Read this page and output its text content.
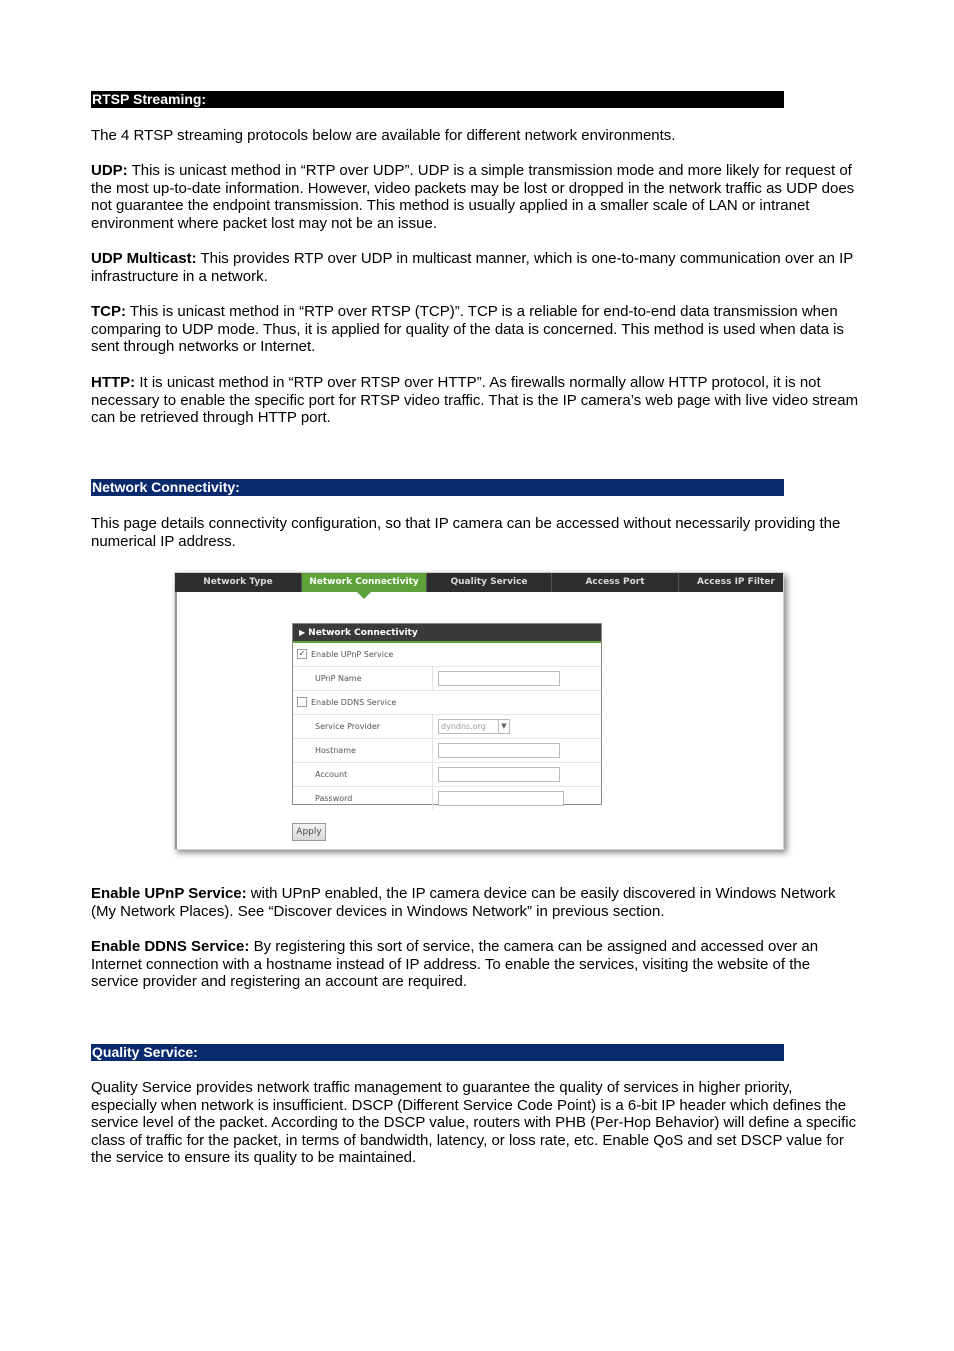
RTSP Streaming:

The 4 RTSP streaming protocols below are available for different network environments.

UDP: This is unicast method in “RTP over UDP”. UDP is a simple transmission mode and more likely for request of the most up-to-date information. However, video packets may be lost or dropped in the network traffic as UDP does not guarantee the endpoint transmission. This method is usually applied in a smaller scale of LAN or intranet environment where packet lost may not be an issue.

UDP Multicast: This provides RTP over UDP in multicast manner, which is one-to-many communication over an IP infrastructure in a network.

TCP: This is unicast method in “RTP over RTSP (TCP)”. TCP is a reliable for end-to-end data transmission when comparing to UDP mode. Thus, it is applied for quality of the data is concerned. This method is used when data is sent through networks or Internet.

HTTP: It is unicast method in “RTP over RTSP over HTTP”. As firewalls normally allow HTTP protocol, it is not necessary to enable the specific port for RTSP video traffic. That is the IP camera’s web page with live video stream can be retrieved through HTTP port.

Network Connectivity:

This page details connectivity configuration, so that IP camera can be accessed without necessarily providing the numerical IP address.

Network Type	Network Connectivity	Quality Service	Access Port	Access IP Filter
▶ Network Connectivity
✓ Enable UPnP Service
UPnP Name
Enable DDNS Service
Service Provider	dyndns.org	▼
Hostname
Account
Password
Apply

Enable UPnP Service: with UPnP enabled, the IP camera device can be easily discovered in Windows Network (My Network Places). See “Discover devices in Windows Network” in previous section.

Enable DDNS Service: By registering this sort of service, the camera can be assigned and accessed over an Internet connection with a hostname instead of IP address. To enable the services, visiting the website of the service provider and registering an account are required.

Quality Service:

Quality Service provides network traffic management to guarantee the quality of services in higher priority, especially when network is insufficient. DSCP (Different Service Code Point) is a 6-bit IP header which defines the service level of the packet. According to the DSCP value, routers with PHB (Per-Hop Behavior) will define a specific class of traffic for the packet, in terms of bandwidth, latency, or loss rate, etc. Enable QoS and set DSCP value for the service to ensure its quality to be maintained.
